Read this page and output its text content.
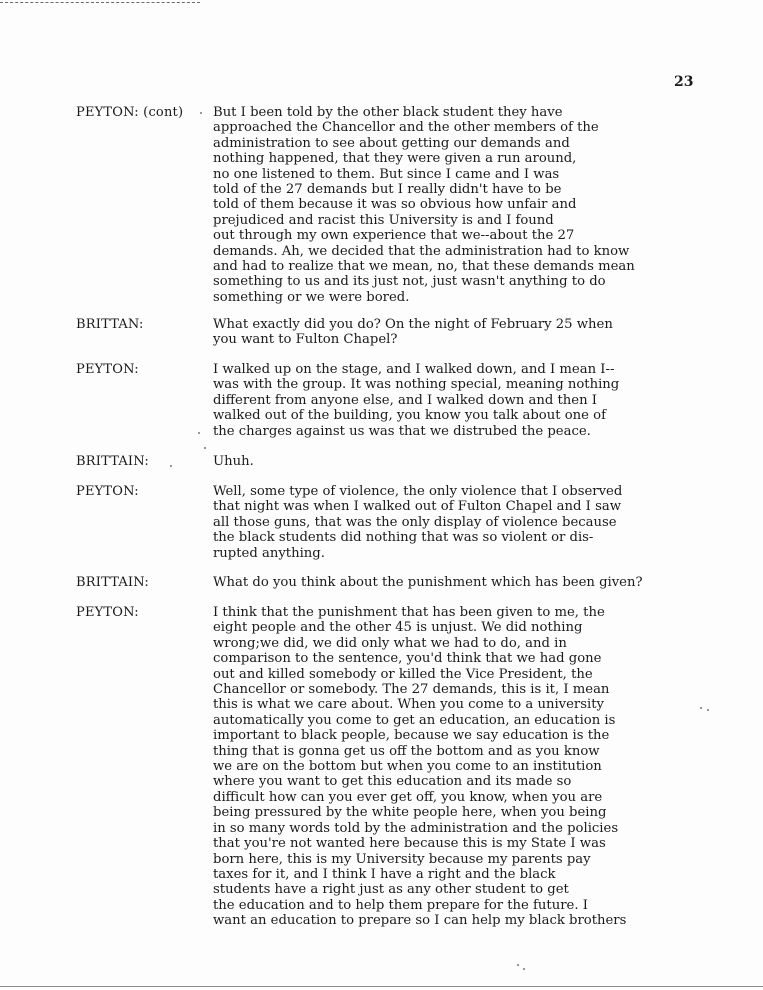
23
PEYTON: (cont) But I been told by the other black student they have
approached the Chancellor and the other members of the
administration to see about getting our demands and
nothing happened, that they were given a run around,
no one listened to them. But since I came and I was
told of the 27 demands but I really didn't have to be
told of them because it was so obvious how unfair and
prejudiced and racist this University is and I found
out through my own experience that we--about the 27
demands. Ah, we decided that the administration had to know
and had to realize that we mean, no, that these demands mean
something to us and its just not, just wasn't anything to do
something or we were bored.
BRITTAN:	What exactly did you do? On the night of February 25 when
you want to Fulton Chapel?
PEYTON:	I walked up on the stage, and I walked down, and I mean I--
was with the group. It was nothing special, meaning nothing
different from anyone else, and I walked down and then I
walked out of the building, you know you talk about one of
the charges against us was that we distrubed the peace.
BRITTAIN:	Uhuh.
PEYTON:	Well, some type of violence, the only violence that I observed
that night was when I walked out of Fulton Chapel and I saw
all those guns, that was the only display of violence because
the black students did nothing that was so violent or dis-
rupted anything.
BRITTAIN:	What do you think about the punishment which has been given?
PEYTON:	I think that the punishment that has been given to me, the
eight people and the other 45 is unjust. We did nothing
wrong;we did, we did only what we had to do, and in
comparison to the sentence, you'd think that we had gone
out and killed somebody or killed the Vice President, the
Chancellor or somebody. The 27 demands, this is it, I mean
this is what we care about. When you come to a university
automatically you come to get an education, an education is
important to black people, because we say education is the
thing that is gonna get us off the bottom and as you know
we are on the bottom but when you come to an institution
where you want to get this education and its made so
difficult how can you ever get off, you know, when you are
being pressured by the white people here, when you being
in so many words told by the administration and the policies
that you're not wanted here because this is my State I was
born here, this is my University because my parents pay
taxes for it, and I think I have a right and the black
students have a right just as any other student to get
the education and to help them prepare for the future. I
want an education to prepare so I can help my black brothers
